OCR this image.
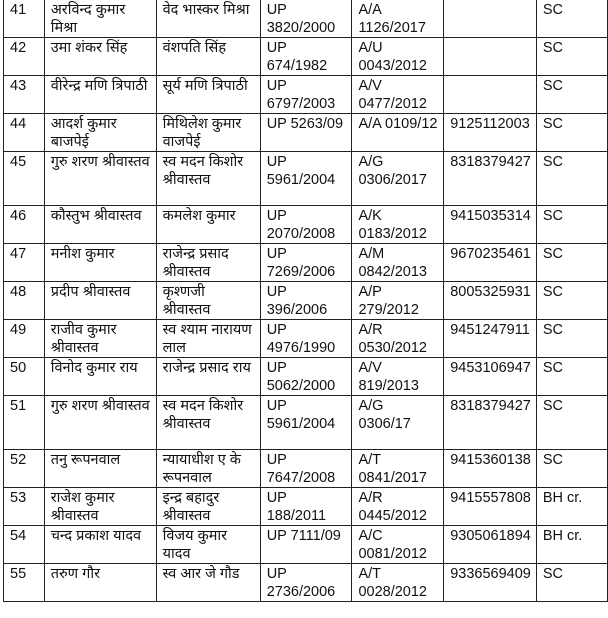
41	अरविन्द कुमार मिश्रा	वेद भास्कर मिश्रा	UP 3820/2000	A/A 1126/2017		SC
42	उमा शंकर सिंह	वंशपति सिंह	UP 674/1982	A/U 0043/2012		SC
43	वीरेन्द्र मणि त्रिपाठी	सूर्य मणि त्रिपाठी	UP 6797/2003	A/V 0477/2012		SC
44	आदर्श कुमार बाजपेई	मिथिलेश कुमार वाजपेई	UP 5263/09	A/A 0109/12	9125112003	SC
45	गुरु शरण श्रीवास्तव	स्व मदन किशोर श्रीवास्तव	UP 5961/2004	A/G 0306/2017	8318379427	SC
46	कौस्तुभ श्रीवास्तव	कमलेश कुमार	UP 2070/2008	A/K 0183/2012	9415035314	SC
47	मनीश कुमार	राजेन्द्र प्रसाद श्रीवास्तव	UP 7269/2006	A/M 0842/2013	9670235461	SC
48	प्रदीप श्रीवास्तव	कृश्णजी श्रीवास्तव	UP 396/2006	A/P 279/2012	8005325931	SC
49	राजीव कुमार श्रीवास्तव	स्व श्याम नारायण लाल	UP 4976/1990	A/R 0530/2012	9451247911	SC
50	विनोद कुमार राय	राजेन्द्र प्रसाद राय	UP 5062/2000	A/V 819/2013	9453106947	SC
51	गुरु शरण श्रीवास्तव	स्व मदन किशोर श्रीवास्तव	UP 5961/2004	A/G 0306/17	8318379427	SC
52	तनु रूपनवाल	न्यायाधीश ए के रूपनवाल	UP 7647/2008	A/T 0841/2017	9415360138	SC
53	राजेश कुमार श्रीवास्तव	इन्द्र बहादुर श्रीवास्तव	UP 188/2011	A/R 0445/2012	9415557808	BH cr.
54	चन्द प्रकाश यादव	विजय कुमार यादव	UP 7111/09	A/C 0081/2012	9305061894	BH cr.
55	तरुण गौर	स्व आर जे गौड	UP 2736/2006	A/T 0028/2012	9336569409	SC
